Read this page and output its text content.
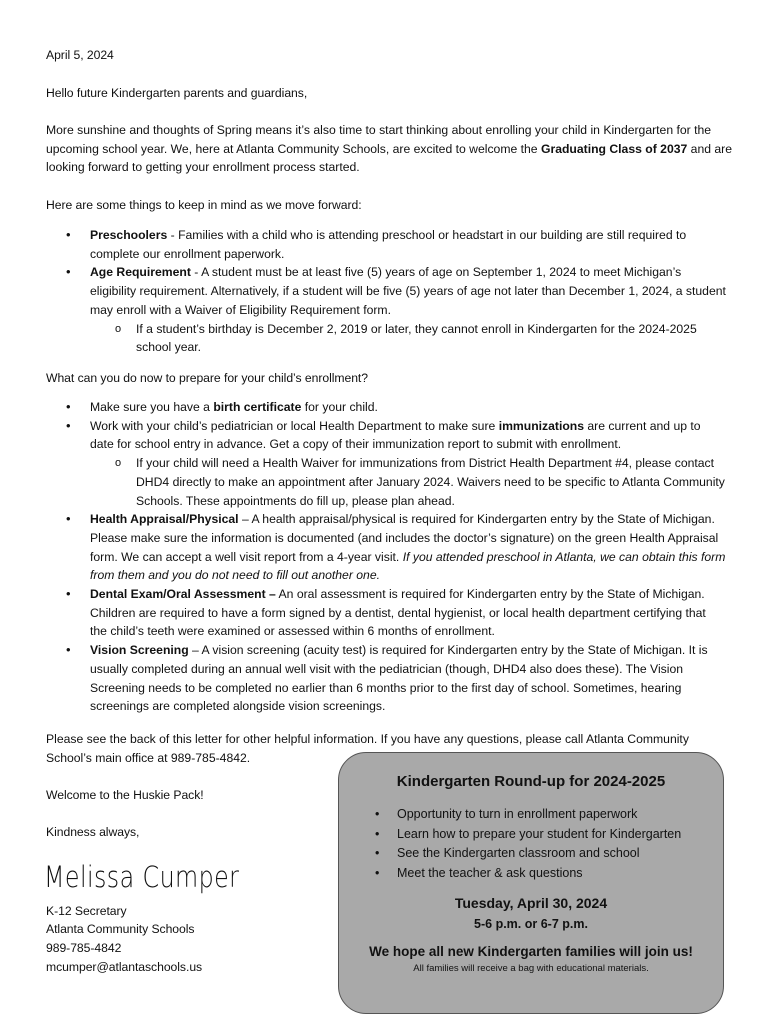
April 5, 2024
Hello future Kindergarten parents and guardians,

More sunshine and thoughts of Spring means it’s also time to start thinking about enrolling your child in Kindergarten for the upcoming school year. We, here at Atlanta Community Schools, are excited to welcome the Graduating Class of 2037 and are looking forward to getting your enrollment process started.

Here are some things to keep in mind as we move forward:
• Preschoolers - Families with a child who is attending preschool or headstart in our building are still required to complete our enrollment paperwork.
• Age Requirement - A student must be at least five (5) years of age on September 1, 2024 to meet Michigan’s eligibility requirement. Alternatively, if a student will be five (5) years of age not later than December 1, 2024, a student may enroll with a Waiver of Eligibility Requirement form.
o If a student’s birthday is December 2, 2019 or later, they cannot enroll in Kindergarten for the 2024-2025 school year.
What can you do now to prepare for your child’s enrollment?
• Make sure you have a birth certificate for your child.
• Work with your child’s pediatrician or local Health Department to make sure immunizations are current and up to date for school entry in advance. Get a copy of their immunization report to submit with enrollment.
o If your child will need a Health Waiver for immunizations from District Health Department #4, please contact DHD4 directly to make an appointment after January 2024. Waivers need to be specific to Atlanta Community Schools. These appointments do fill up, please plan ahead.
• Health Appraisal/Physical – A health appraisal/physical is required for Kindergarten entry by the State of Michigan. Please make sure the information is documented (and includes the doctor’s signature) on the green Health Appraisal form. We can accept a well visit report from a 4-year visit. If you attended preschool in Atlanta, we can obtain this form from them and you do not need to fill out another one.
• Dental Exam/Oral Assessment – An oral assessment is required for Kindergarten entry by the State of Michigan. Children are required to have a form signed by a dentist, dental hygienist, or local health department certifying that the child’s teeth were examined or assessed within 6 months of enrollment.
• Vision Screening – A vision screening (acuity test) is required for Kindergarten entry by the State of Michigan. It is usually completed during an annual well visit with the pediatrician (though, DHD4 also does these). The Vision Screening needs to be completed no earlier than 6 months prior to the first day of school. Sometimes, hearing screenings are completed alongside vision screenings.
Please see the back of this letter for other helpful information. If you have any questions, please call Atlanta Community School’s main office at 989-785-4842.
Welcome to the Huskie Pack!
Kindness always,
Melissa Cumper
K-12 Secretary
Atlanta Community Schools
989-785-4842
mcumper@atlantaschools.us
Kindergarten Round-up for 2024-2025
• Opportunity to turn in enrollment paperwork
• Learn how to prepare your student for Kindergarten
• See the Kindergarten classroom and school
• Meet the teacher & ask questions
Tuesday, April 30, 2024
5-6 p.m. or 6-7 p.m.
We hope all new Kindergarten families will join us!
All families will receive a bag with educational materials.
